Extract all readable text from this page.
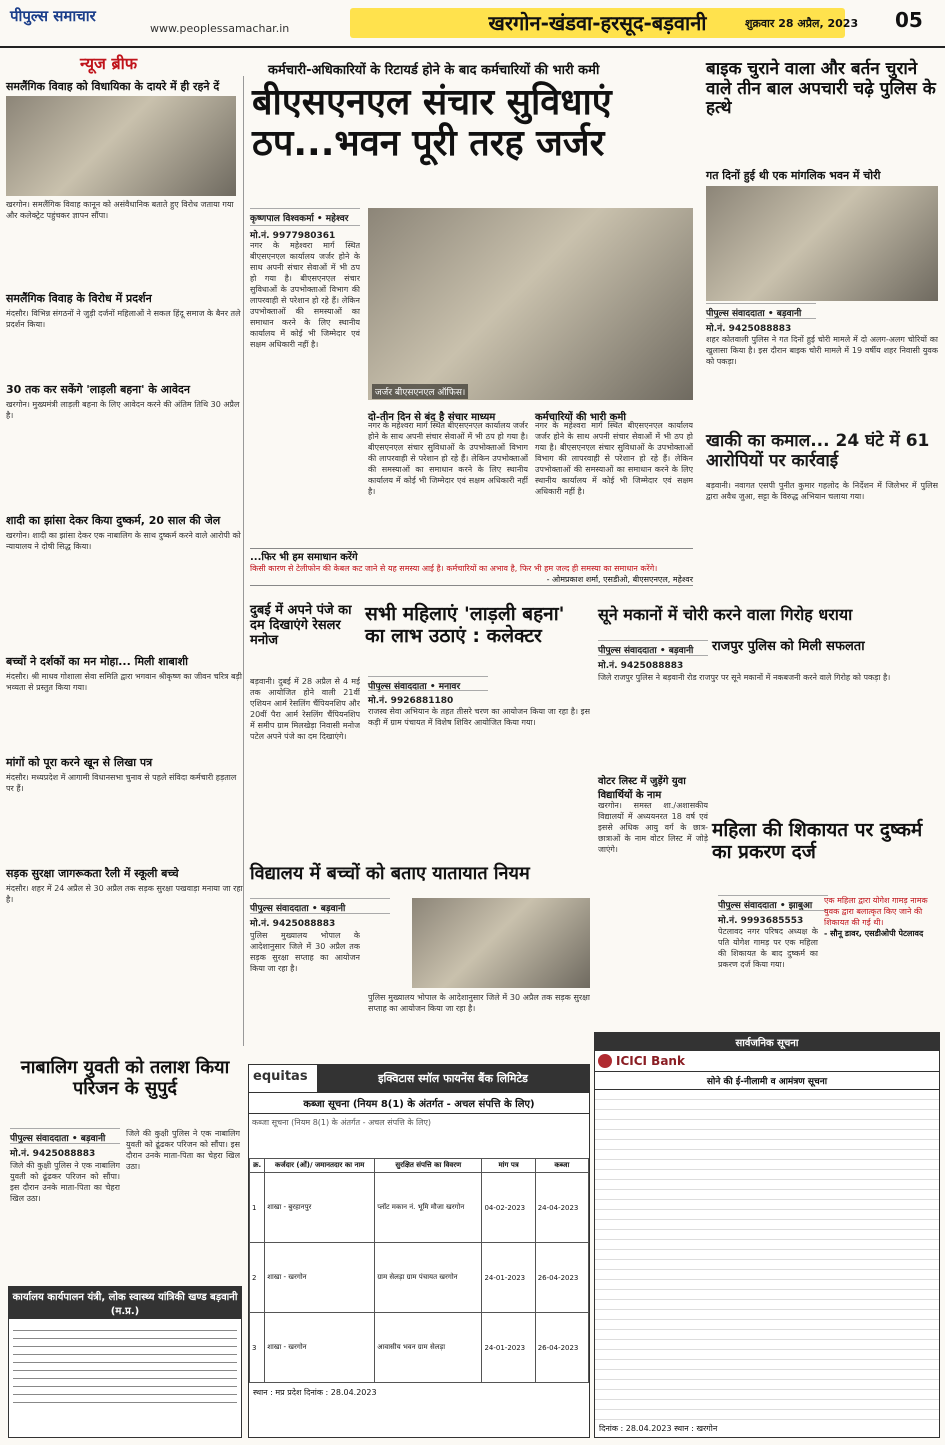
पीपुल्स समाचार
www.peoplessamachar.in	खरगोन-खंडवा-हरसूद-बड़वानी	शुक्रवार 28 अप्रैल, 2023 05
न्यूज ब्रीफ
समलैंगिक विवाह को विधायिका के दायरे में ही रहने दें

खरगोन। समलैंगिक विवाह कानून को असंवैधानिक बताते हुए विरोध जताया गया और कलेक्ट्रेट पहुंचकर ज्ञापन सौंपा।

समलैंगिक विवाह के विरोध में प्रदर्शन

मंदसौर। विभिन्न संगठनों ने जुड़ी दर्जनों महिलाओं ने सकल हिंदू समाज के बैनर तले प्रदर्शन किया।

30 तक कर सकेंगे 'लाड़ली बहना' के आवेदन

खरगोन। मुख्यमंत्री लाड़ली बहना के लिए आवेदन करने की अंतिम तिथि 30 अप्रैल है।

शादी का झांसा देकर किया दुष्कर्म, 20 साल की जेल

खरगोन। शादी का झांसा देकर एक नाबालिग के साथ दुष्कर्म करने वाले आरोपी को न्यायालय ने दोषी सिद्ध किया।

बच्चों ने दर्शकों का मन मोहा... मिली शाबाशी

मंदसौर। श्री माधव गोशाला सेवा समिति द्वारा भगवान श्रीकृष्ण का जीवन चरित्र बड़ी भव्यता से प्रस्तुत किया गया।

मांगों को पूरा करने खून से लिखा पत्र

मंदसौर। मध्यप्रदेश में आगामी विधानसभा चुनाव से पहले संविदा कर्मचारी हड़ताल पर हैं।

सड़क सुरक्षा जागरूकता रैली में स्कूली बच्चे

मंदसौर। शहर में 24 अप्रैल से 30 अप्रैल तक सड़क सुरक्षा पखवाड़ा मनाया जा रहा है।

कर्मचारी-अधिकारियों के रिटायर्ड होने के बाद कर्मचारियों की भारी कमी
बीएसएनएल संचार सुविधाएं ठप...भवन पूरी तरह जर्जर
कृष्णपाल विश्वकर्मा • महेश्वर
मो.नं. 9977980361
नगर के महेश्वरा मार्ग स्थित बीएसएनएल कार्यालय जर्जर होने के साथ अपनी संचार सेवाओं में भी ठप हो गया है। बीएसएनएल संचार सुविधाओं के उपभोक्ताओं विभाग की लापरवाही से परेशान हो रहे हैं। लेकिन उपभोक्ताओं की समस्याओं का समाधान करने के लिए स्थानीय कार्यालय में कोई भी जिम्मेदार एवं सक्षम अधिकारी नहीं है।
जर्जर बीएसएनएल ऑफिस।
दो-तीन दिन से बंद है संचार माध्यम
नगर के महेश्वरा मार्ग स्थित बीएसएनएल कार्यालय जर्जर होने के साथ अपनी संचार सेवाओं में भी ठप हो गया है। बीएसएनएल संचार सुविधाओं के उपभोक्ताओं विभाग की लापरवाही से परेशान हो रहे हैं। लेकिन उपभोक्ताओं की समस्याओं का समाधान करने के लिए स्थानीय कार्यालय में कोई भी जिम्मेदार एवं सक्षम अधिकारी नहीं है।
कर्मचारियों की भारी कमी
नगर के महेश्वरा मार्ग स्थित बीएसएनएल कार्यालय जर्जर होने के साथ अपनी संचार सेवाओं में भी ठप हो गया है। बीएसएनएल संचार सुविधाओं के उपभोक्ताओं विभाग की लापरवाही से परेशान हो रहे हैं। लेकिन उपभोक्ताओं की समस्याओं का समाधान करने के लिए स्थानीय कार्यालय में कोई भी जिम्मेदार एवं सक्षम अधिकारी नहीं है।
...फिर भी हम समाधान करेंगे
किसी कारण से टेलीफोन की केबल कट जाने से यह समस्या आई है। कर्मचारियों का अभाव है, फिर भी हम जल्द ही समस्या का समाधान करेंगे।
- ओमप्रकाश शर्मा, एसडीओ, बीएसएनएल, महेश्वर
बाइक चुराने वाला और बर्तन चुराने वाले तीन बाल अपचारी चढ़े पुलिस के हत्थे
गत दिनों हुई थी एक मांगलिक भवन में चोरी
पीपुल्स संवाददाता • बड़वानी
मो.नं. 9425088883
शहर कोतवाली पुलिस ने गत दिनों हुई चोरी मामले में दो अलग-अलग चोरियों का खुलासा किया है। इस दौरान बाइक चोरी मामले में 19 वर्षीय शहर निवासी युवक को पकड़ा।
खाकी का कमाल... 24 घंटे में 61 आरोपियों पर कार्रवाई
बड़वानी। नवागत एसपी पुनीत कुमार गहलोद के निर्देशन में जिलेभर में पुलिस द्वारा अवैध जुआ, सट्टा के विरुद्ध अभियान चलाया गया।
दुबई में अपने पंजे का दम दिखाएंगे रेसलर मनोज
बड़वानी। दुबई में 28 अप्रैल से 4 मई तक आयोजित होने वाली 21वीं एशियन आर्म रेसलिंग चैंपियनशिप और 20वीं पैरा आर्म रेसलिंग चैंपियनशिप में समीप ग्राम मिलखेड़ा निवासी मनोज पटेल अपने पंजे का दम दिखाएंगे।
सभी महिलाएं 'लाड़ली बहना' का लाभ उठाएं : कलेक्टर
पीपुल्स संवाददाता • मनावर
मो.नं. 9926881180
राजस्व सेवा अभियान के तहत तीसरे चरण का आयोजन किया जा रहा है। इस कड़ी में ग्राम पंचायत में विशेष शिविर आयोजित किया गया।
सूने मकानों में चोरी करने वाला गिरोह धराया
पीपुल्स संवाददाता • बड़वानी	राजपुर पुलिस को मिली सफलता
मो.नं. 9425088883
जिले राजपुर पुलिस ने बड़वानी रोड राजपुर पर सूने मकानों में नकबजनी करने वाले गिरोह को पकड़ा है।
वोटर लिस्ट में जुड़ेंगे युवा विद्यार्थियों के नाम
खरगोन। समस्त शा./अशासकीय विद्यालयों में अध्ययनरत 18 वर्ष एवं इससे अधिक आयु वर्ग के छात्र-छात्राओं के नाम वोटर लिस्ट में जोड़े जाएंगे।
महिला की शिकायत पर दुष्कर्म का प्रकरण दर्ज
पीपुल्स संवाददाता • झाबुआ
मो.नं. 9993685553
पेटलावद नगर परिषद अध्यक्ष के पति योगेश गामड़ पर एक महिला की शिकायत के बाद दुष्कर्म का प्रकरण दर्ज किया गया।
एक महिला द्वारा योगेश गामड़ नामक युवक द्वारा बलात्कृत किए जाने की शिकायत की गई थी।
- सौनू डावर, एसडीओपी पेटलावद
विद्यालय में बच्चों को बताए यातायात नियम
पीपुल्स संवाददाता • बड़वानी
मो.नं. 9425088883
पुलिस मुख्यालय भोपाल के आदेशानुसार जिले में 30 अप्रैल तक सड़क सुरक्षा सप्ताह का आयोजन किया जा रहा है।
पुलिस मुख्यालय भोपाल के आदेशानुसार जिले में 30 अप्रैल तक सड़क सुरक्षा सप्ताह का आयोजन किया जा रहा है।
नाबालिग युवती को तलाश किया परिजन के सुपुर्द
पीपुल्स संवाददाता • बड़वानी
मो.नं. 9425088883
जिले की कुक्षी पुलिस ने एक नाबालिग युवती को ढूंढकर परिजन को सौंपा। इस दौरान उनके माता-पिता का चेहरा खिल उठा।
जिले की कुक्षी पुलिस ने एक नाबालिग युवती को ढूंढकर परिजन को सौंपा। इस दौरान उनके माता-पिता का चेहरा खिल उठा।
कार्यालय कार्यपालन यंत्री, लोक स्वास्थ्य यांत्रिकी खण्ड बड़वानी (म.प्र.)
equitas	इक्विटास स्मॉल फायनेंस बैंक लिमिटेड
कब्जा सूचना (नियम 8(1) के अंतर्गत - अचल संपत्ति के लिए)
कब्जा सूचना (नियम 8(1) के अंतर्गत - अचल संपत्ति के लिए)
क्र.	कर्जदार (ओं)/ जमानतदार का नाम	सुरक्षित संपत्ति का विवरण	मांग पत्र	कब्जा
1	शाखा - बुरहानपुर	प्लॉट मकान नं. भूमि मौजा खरगोन	04-02-2023	24-04-2023
2	शाखा - खरगोन	ग्राम सेलड़ा ग्राम पंचायत खरगोन	24-01-2023	26-04-2023
3	शाखा - खरगोन	आवासीय भवन ग्राम सेलड़ा	24-01-2023	26-04-2023
स्थान : मप्र प्रदेश दिनांक : 28.04.2023
सार्वजनिक सूचना
ICICI Bank
सोने की ई-नीलामी व आमंत्रण सूचना
दिनांक : 28.04.2023 स्थान : खरगोन
